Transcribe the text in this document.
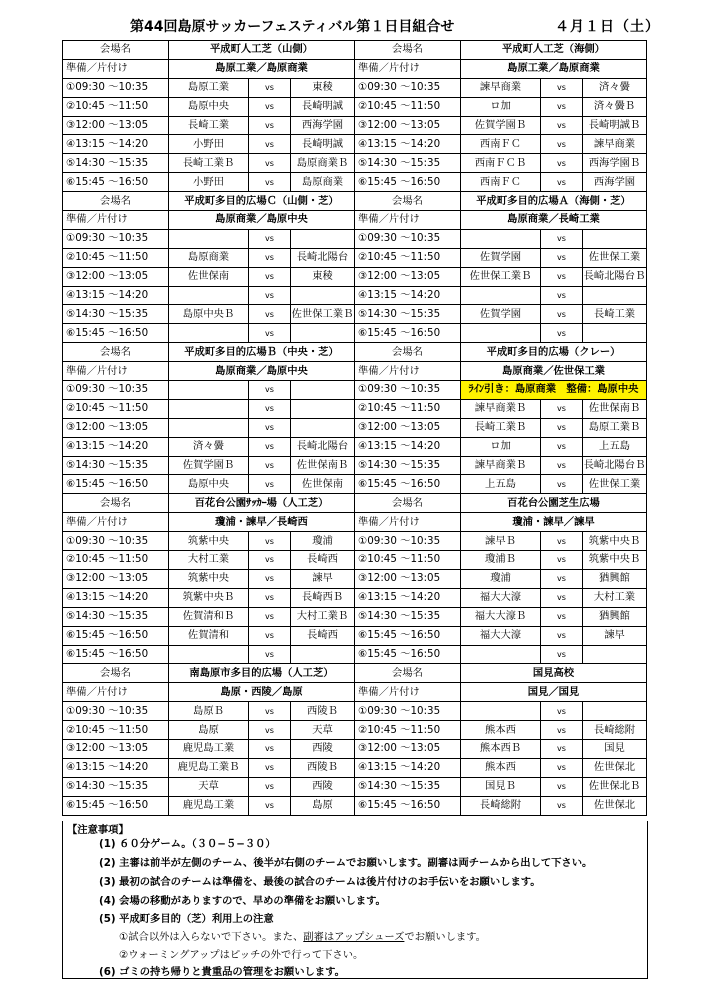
第44回島原サッカーフェスティバル第１日目組合せ	４月１日（土）
会場名	平成町人工芝（山側）			会場名	平成町人工芝（海側）		
準備／片付け	島原工業／島原商業			準備／片付け	島原工業／島原商業		
①09:30 ～10:35	島原工業	vs	東稜	①09:30 ～10:35	諫早商業	vs	済々黌
②10:45 ～11:50	島原中央	vs	長崎明誠	②10:45 ～11:50	ロ加	vs	済々黌Ｂ
③12:00 ～13:05	長崎工業	vs	西海学園	③12:00 ～13:05	佐賀学園Ｂ	vs	長崎明誠Ｂ
④13:15 ～14:20	小野田	vs	長崎明誠	④13:15 ～14:20	西南ＦＣ	vs	諫早商業
⑤14:30 ～15:35	長崎工業Ｂ	vs	島原商業Ｂ	⑤14:30 ～15:35	西南ＦＣＢ	vs	西海学園Ｂ
⑥15:45 ～16:50	小野田	vs	島原商業	⑥15:45 ～16:50	西南ＦＣ	vs	西海学園
会場名	平成町多目的広場Ｃ（山側・芝）			会場名	平成町多目的広場Ａ（海側・芝）		
準備／片付け	島原商業／島原中央			準備／片付け	島原商業／長崎工業		
①09:30 ～10:35		vs		①09:30 ～10:35		vs	
②10:45 ～11:50	島原商業	vs	長崎北陽台	②10:45 ～11:50	佐賀学園	vs	佐世保工業
③12:00 ～13:05	佐世保南	vs	東稜	③12:00 ～13:05	佐世保工業Ｂ	vs	長崎北陽台Ｂ
④13:15 ～14:20		vs		④13:15 ～14:20		vs	
⑤14:30 ～15:35	島原中央Ｂ	vs	佐世保工業Ｂ	⑤14:30 ～15:35	佐賀学園	vs	長崎工業
⑥15:45 ～16:50		vs		⑥15:45 ～16:50		vs	
会場名	平成町多目的広場Ｂ（中央・芝）			会場名	平成町多目的広場（クレー）		
準備／片付け	島原商業／島原中央			準備／片付け	島原商業／佐世保工業		
①09:30 ～10:35		vs		①09:30 ～10:35	ﾗｲﾝ引き：島原商業　整備：島原中央		
②10:45 ～11:50		vs		②10:45 ～11:50	諫早商業Ｂ	vs	佐世保南Ｂ
③12:00 ～13:05		vs		③12:00 ～13:05	長崎工業Ｂ	vs	島原工業Ｂ
④13:15 ～14:20	済々黌	vs	長崎北陽台	④13:15 ～14:20	ロ加	vs	上五島
⑤14:30 ～15:35	佐賀学園Ｂ	vs	佐世保南Ｂ	⑤14:30 ～15:35	諫早商業Ｂ	vs	長崎北陽台Ｂ
⑥15:45 ～16:50	島原中央	vs	佐世保南	⑥15:45 ～16:50	上五島	vs	佐世保工業
会場名	百花台公園ｻｯｶｰ場（人工芝）			会場名	百花台公園芝生広場		
準備／片付け	瓊浦・諫早／長崎西			準備／片付け	瓊浦・諫早／諫早		
①09:30 ～10:35	筑紫中央	vs	瓊浦	①09:30 ～10:35	諫早Ｂ	vs	筑紫中央Ｂ
②10:45 ～11:50	大村工業	vs	長崎西	②10:45 ～11:50	瓊浦Ｂ	vs	筑紫中央Ｂ
③12:00 ～13:05	筑紫中央	vs	諫早	③12:00 ～13:05	瓊浦	vs	猶興館
④13:15 ～14:20	筑紫中央Ｂ	vs	長崎西Ｂ	④13:15 ～14:20	福大大濠	vs	大村工業
⑤14:30 ～15:35	佐賀清和Ｂ	vs	大村工業Ｂ	⑤14:30 ～15:35	福大大濠Ｂ	vs	猶興館
⑥15:45 ～16:50	佐賀清和	vs	長崎西	⑥15:45 ～16:50	福大大濠	vs	諫早
⑥15:45 ～16:50		vs		⑥15:45 ～16:50		vs	
会場名	南島原市多目的広場（人工芝）			会場名	国見高校		
準備／片付け	島原・西陵／島原			準備／片付け	国見／国見		
①09:30 ～10:35	島原Ｂ	vs	西陵Ｂ	①09:30 ～10:35		vs	
②10:45 ～11:50	島原	vs	天草	②10:45 ～11:50	熊本西	vs	長崎総附
③12:00 ～13:05	鹿児島工業	vs	西陵	③12:00 ～13:05	熊本西Ｂ	vs	国見
④13:15 ～14:20	鹿児島工業Ｂ	vs	西陵Ｂ	④13:15 ～14:20	熊本西	vs	佐世保北
⑤14:30 ～15:35	天草	vs	西陵	⑤14:30 ～15:35	国見Ｂ	vs	佐世保北Ｂ
⑥15:45 ～16:50	鹿児島工業	vs	島原	⑥15:45 ～16:50	長崎総附	vs	佐世保北
【注意事項】
(1) ６０分ゲーム。（３０−５−３０）
(2) 主審は前半が左側のチーム、後半が右側のチームでお願いします。副審は両チームから出して下さい。
(3) 最初の試合のチームは準備を、最後の試合のチームは後片付けのお手伝いをお願いします。
(4) 会場の移動がありますので、早めの準備をお願いします。
(5) 平成町多目的（芝）利用上の注意
①試合以外は入らないで下さい。また、副審はアップシューズでお願いします。
②ウォーミングアップはピッチの外で行って下さい。
(6) ゴミの持ち帰りと貴重品の管理をお願いします。
